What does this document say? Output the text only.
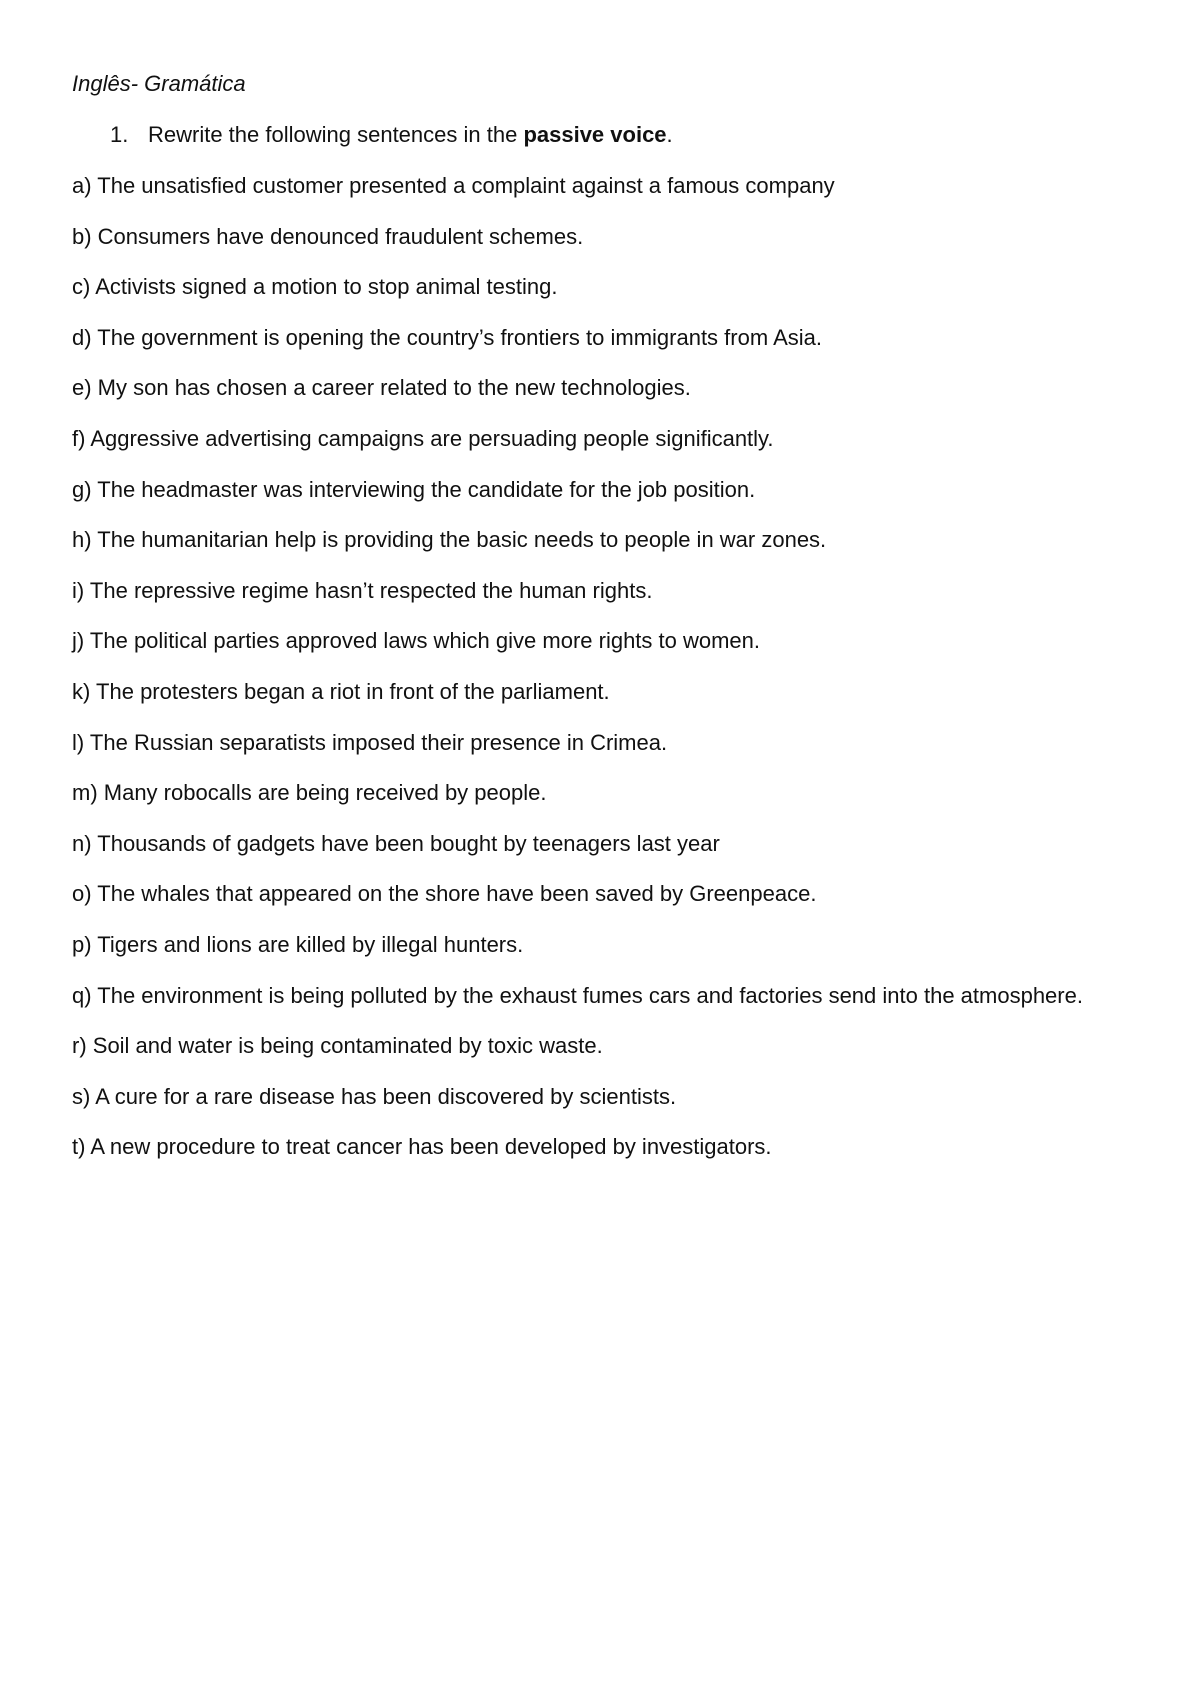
Inglês- Gramática

1. Rewrite the following sentences in the passive voice.
a) The unsatisfied customer presented a complaint against a famous company
b) Consumers have denounced fraudulent schemes.
c) Activists signed a motion to stop animal testing.
d) The government is opening the country’s frontiers to immigrants from Asia.
e) My son has chosen a career related to the new technologies.
f) Aggressive advertising campaigns are persuading people significantly.
g) The headmaster was interviewing the candidate for the job position.
h) The humanitarian help is providing the basic needs to people in war zones.
i) The repressive regime hasn’t respected the human rights.
j) The political parties approved laws which give more rights to women.
k) The protesters began a riot in front of the parliament.
l) The Russian separatists imposed their presence in Crimea.
m) Many robocalls are being received by people.
n) Thousands of gadgets have been bought by teenagers last year
o) The whales that appeared on the shore have been saved by Greenpeace.
p) Tigers and lions are killed by illegal hunters.
q) The environment is being polluted by the exhaust fumes cars and factories send into the atmosphere.
r) Soil and water is being contaminated by toxic waste.
s) A cure for a rare disease has been discovered by scientists.
t) A new procedure to treat cancer has been developed by investigators.
